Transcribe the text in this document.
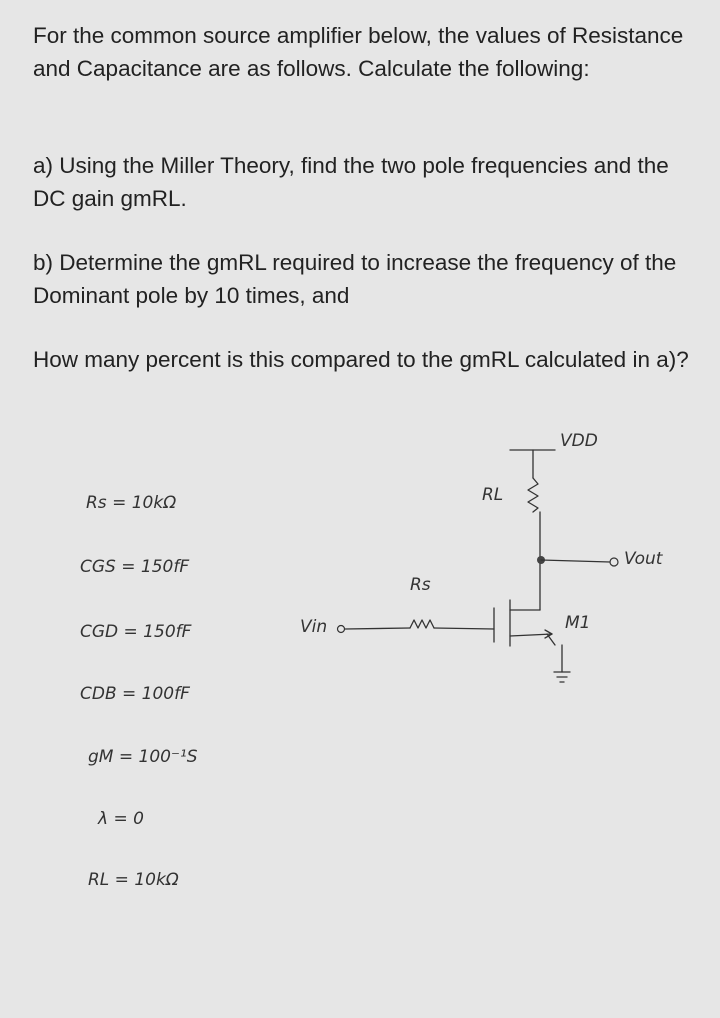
For the common source amplifier below, the values of Resistance and Capacitance are as follows. Calculate the following:

a) Using the Miller Theory, find the two pole frequencies and the DC gain gmRL.

b) Determine the gmRL required to increase the frequency of the Dominant pole by 10 times, and

How many percent is this compared to the gmRL calculated in a)?

Rs = 10kΩ
CGS = 150fF
CGD = 150fF
CDB = 100fF
gM = 100⁻¹S
λ = 0
RL = 10kΩ
VDD
RL
Vout
Vin
Rs
M1
